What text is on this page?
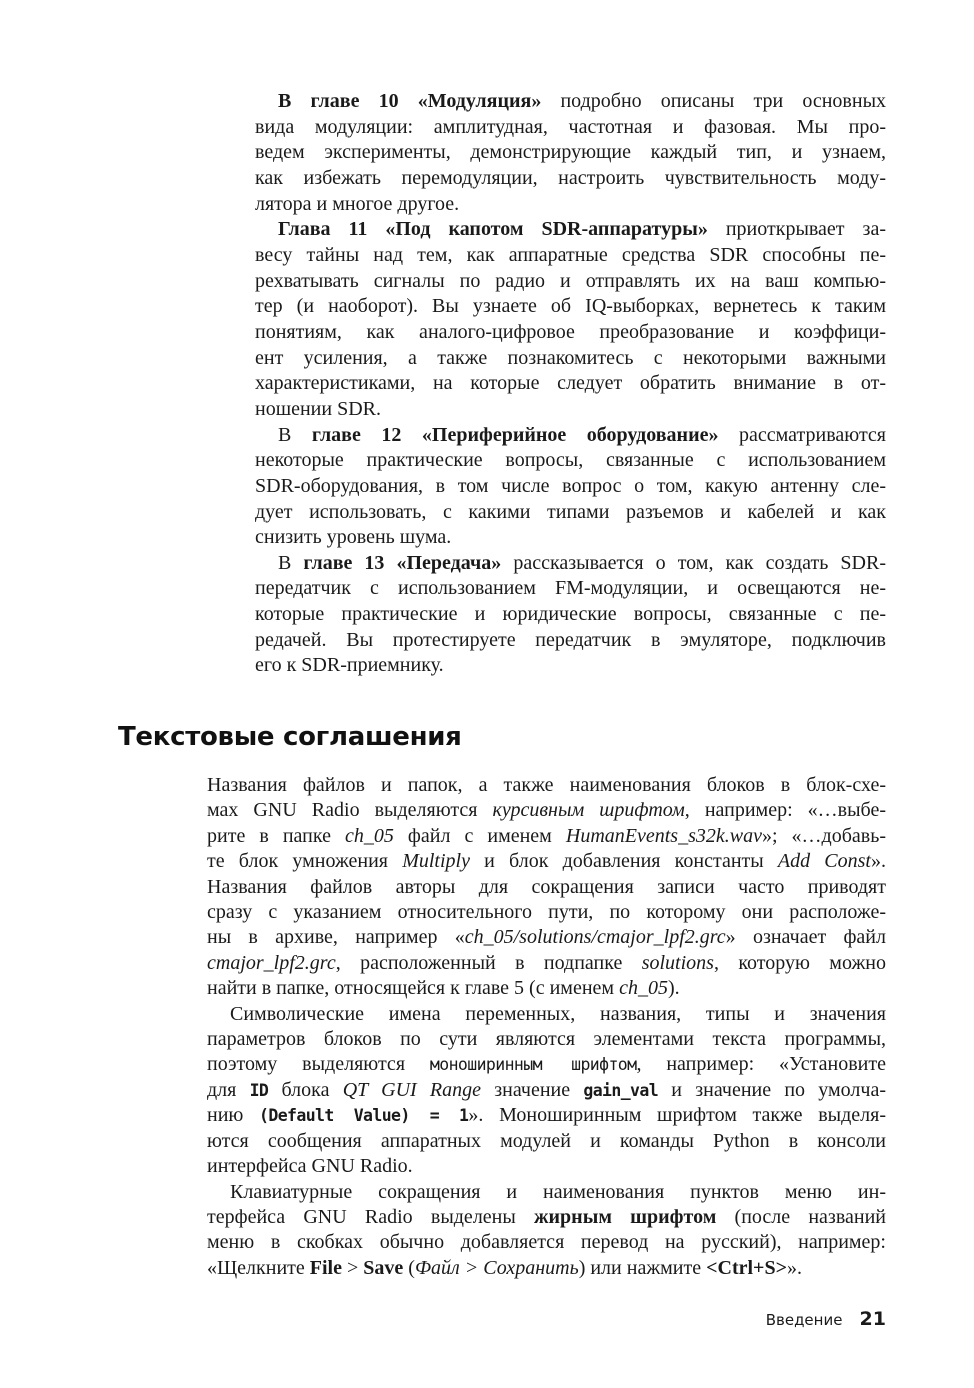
В главе 10 «Модуляция» подробно описаны три основных
вида модуляции: амплитудная, частотная и фазовая. Мы про-
ведем эксперименты, демонстрирующие каждый тип, и узнаем,
как избежать перемодуляции, настроить чувствительность моду-
лятора и многое другое.
Глава 11 «Под капотом SDR-аппаратуры» приоткрывает за-
весу тайны над тем, как аппаратные средства SDR способны пе-
рехватывать сигналы по радио и отправлять их на ваш компью-
тер (и наоборот). Вы узнаете об IQ-выборках, вернетесь к таким
понятиям, как аналого-цифровое преобразование и коэффици-
ент усиления, а также познакомитесь с некоторыми важными
характеристиками, на которые следует обратить внимание в от-
ношении SDR.
В главе 12 «Периферийное оборудование» рассматриваются
некоторые практические вопросы, связанные с использованием
SDR-оборудования, в том числе вопрос о том, какую антенну сле-
дует использовать, с какими типами разъемов и кабелей и как
снизить уровень шума.
В главе 13 «Передача» рассказывается о том, как создать SDR-
передатчик с использованием FM-модуляции, и освещаются не-
которые практические и юридические вопросы, связанные с пе-
редачей. Вы протестируете передатчик в эмуляторе, подключив
его к SDR-приемнику.
Текстовые соглашения
Названия файлов и папок, а также наименования блоков в блок-схе-
мах GNU Radio выделяются курсивным шрифтом, например: «…выбе-
рите в папке ch_05 файл с именем HumanEvents_s32k.wav»; «…добавь-
те блок умножения Multiply и блок добавления константы Add Const».
Названия файлов авторы для сокращения записи часто приводят
сразу с указанием относительного пути, по которому они расположе-
ны в архиве, например «ch_05/solutions/cmajor_lpf2.grc» означает файл
cmajor_lpf2.grc, расположенный в подпапке solutions, которую можно
найти в папке, относящейся к главе 5 (с именем ch_05).
Символические имена переменных, названия, типы и значения
параметров блоков по сути являются элементами текста программы,
поэтому выделяются моноширинным шрифтом, например: «Установите
для ID блока QT GUI Range значение gain_val и значение по умолча-
нию (Default Value) = 1». Моноширинным шрифтом также выделя-
ются сообщения аппаратных модулей и команды Python в консоли
интерфейса GNU Radio.
Клавиатурные сокращения и наименования пунктов меню ин-
терфейса GNU Radio выделены жирным шрифтом (после названий
меню в скобках обычно добавляется перевод на русский), например:
«Щелкните File > Save (Файл > Сохранить) или нажмите <Ctrl+S>».
Введение 21
